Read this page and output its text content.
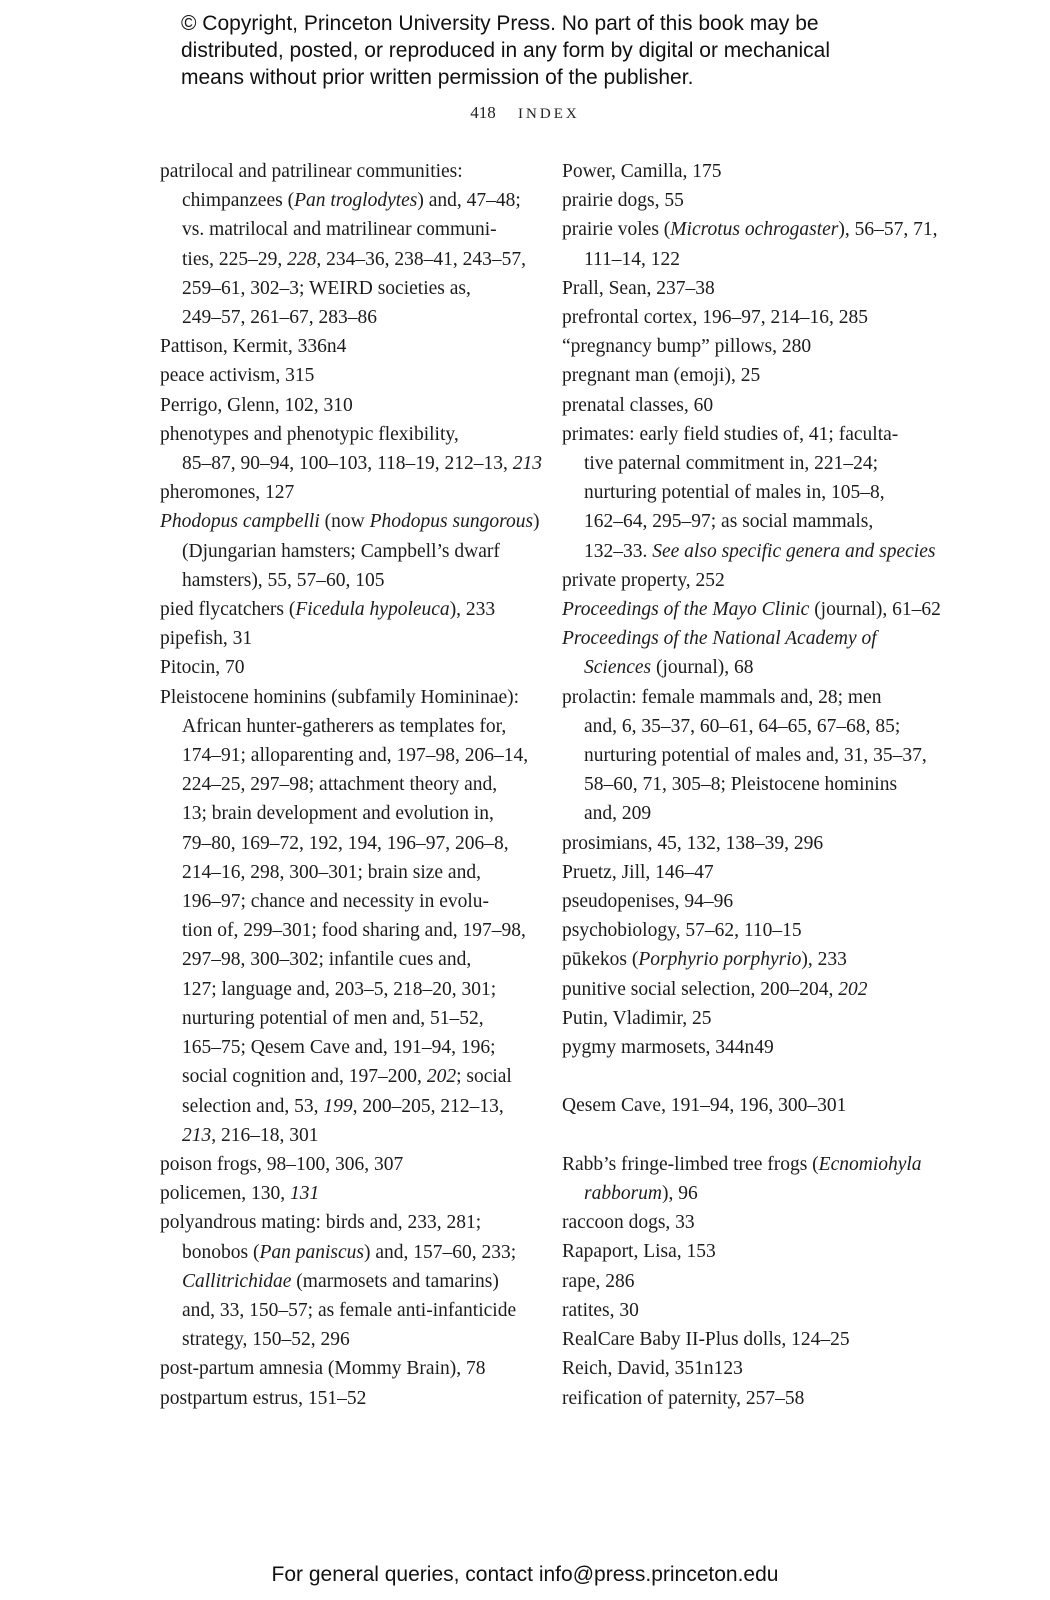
© Copyright, Princeton University Press. No part of this book may be
distributed, posted, or reproduced in any form by digital or mechanical
means without prior written permission of the publisher.
418 INDEX
patrilocal and patrilinear communities:
chimpanzees (Pan troglodytes) and, 47–48;
vs. matrilocal and matrilinear communi-
ties, 225–29, 228, 234–36, 238–41, 243–57,
259–61, 302–3; WEIRD societies as,
249–57, 261–67, 283–86
Pattison, Kermit, 336n4
peace activism, 315
Perrigo, Glenn, 102, 310
phenotypes and phenotypic flexibility,
85–87, 90–94, 100–103, 118–19, 212–13, 213
pheromones, 127
Phodopus campbelli (now Phodopus sungorous)
(Djungarian hamsters; Campbell’s dwarf
hamsters), 55, 57–60, 105
pied flycatchers (Ficedula hypoleuca), 233
pipefish, 31
Pitocin, 70
Pleistocene hominins (subfamily Homininae):
African hunter-gatherers as templates for,
174–91; alloparenting and, 197–98, 206–14,
224–25, 297–98; attachment theory and,
13; brain development and evolution in,
79–80, 169–72, 192, 194, 196–97, 206–8,
214–16, 298, 300–301; brain size and,
196–97; chance and necessity in evolu-
tion of, 299–301; food sharing and, 197–98,
297–98, 300–302; infantile cues and,
127; language and, 203–5, 218–20, 301;
nurturing potential of men and, 51–52,
165–75; Qesem Cave and, 191–94, 196;
social cognition and, 197–200, 202; social
selection and, 53, 199, 200–205, 212–13,
213, 216–18, 301
poison frogs, 98–100, 306, 307
policemen, 130, 131
polyandrous mating: birds and, 233, 281;
bonobos (Pan paniscus) and, 157–60, 233;
Callitrichidae (marmosets and tamarins)
and, 33, 150–57; as female anti-infanticide
strategy, 150–52, 296
post-partum amnesia (Mommy Brain), 78
postpartum estrus, 151–52
Power, Camilla, 175
prairie dogs, 55
prairie voles (Microtus ochrogaster), 56–57, 71,
111–14, 122
Prall, Sean, 237–38
prefrontal cortex, 196–97, 214–16, 285
“pregnancy bump” pillows, 280
pregnant man (emoji), 25
prenatal classes, 60
primates: early field studies of, 41; faculta-
tive paternal commitment in, 221–24;
nurturing potential of males in, 105–8,
162–64, 295–97; as social mammals,
132–33. See also specific genera and species
private property, 252
Proceedings of the Mayo Clinic (journal), 61–62
Proceedings of the National Academy of
Sciences (journal), 68
prolactin: female mammals and, 28; men
and, 6, 35–37, 60–61, 64–65, 67–68, 85;
nurturing potential of males and, 31, 35–37,
58–60, 71, 305–8; Pleistocene hominins
and, 209
prosimians, 45, 132, 138–39, 296
Pruetz, Jill, 146–47
pseudopenises, 94–96
psychobiology, 57–62, 110–15
pūkekos (Porphyrio porphyrio), 233
punitive social selection, 200–204, 202
Putin, Vladimir, 25
pygmy marmosets, 344n49
Qesem Cave, 191–94, 196, 300–301
Rabb’s fringe-limbed tree frogs (Ecnomiohyla
rabborum), 96
raccoon dogs, 33
Rapaport, Lisa, 153
rape, 286
ratites, 30
RealCare Baby II-Plus dolls, 124–25
Reich, David, 351n123
reification of paternity, 257–58
For general queries, contact info@press.princeton.edu
